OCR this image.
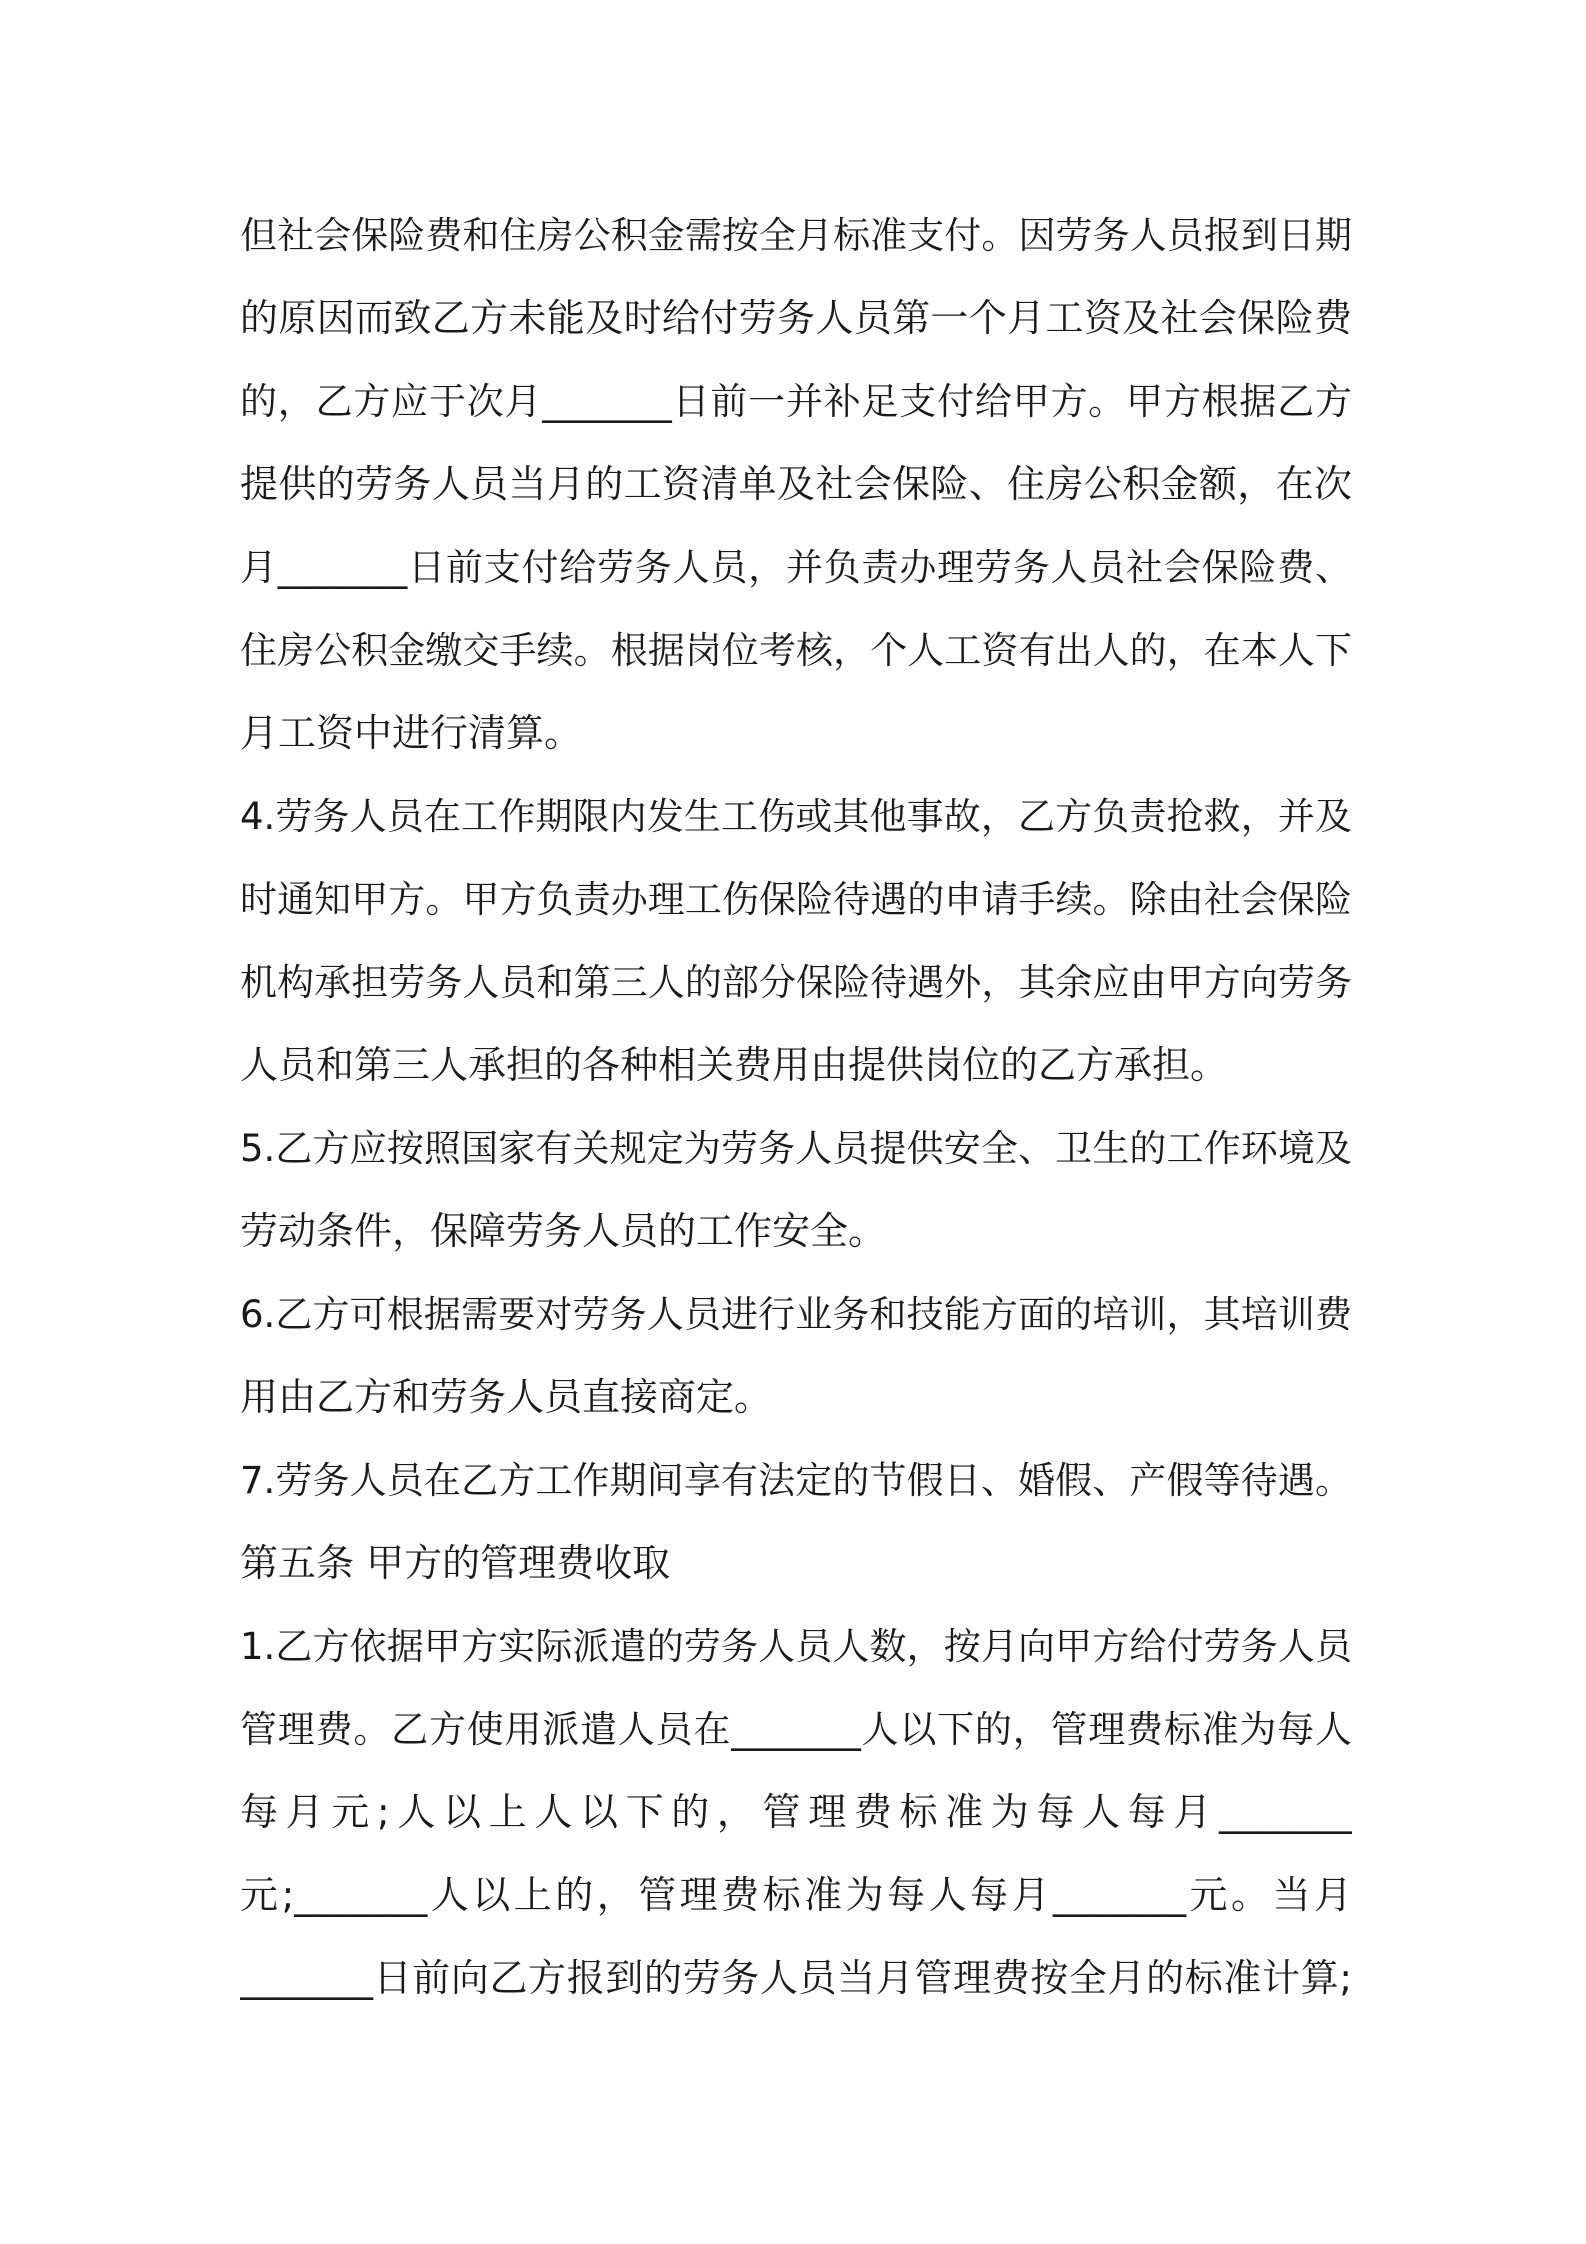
但社会保险费和住房公积金需按全月标准支付。因劳务人员报到日期
的原因而致乙方未能及时给付劳务人员第一个月工资及社会保险费
的，乙方应于次月_______日前一并补足支付给甲方。甲方根据乙方
提供的劳务人员当月的工资清单及社会保险、住房公积金额，在次
月_______日前支付给劳务人员，并负责办理劳务人员社会保险费、
住房公积金缴交手续。根据岗位考核，个人工资有出人的，在本人下
月工资中进行清算。
4.劳务人员在工作期限内发生工伤或其他事故，乙方负责抢救，并及
时通知甲方。甲方负责办理工伤保险待遇的申请手续。除由社会保险
机构承担劳务人员和第三人的部分保险待遇外，其余应由甲方向劳务
人员和第三人承担的各种相关费用由提供岗位的乙方承担。
5.乙方应按照国家有关规定为劳务人员提供安全、卫生的工作环境及
劳动条件，保障劳务人员的工作安全。
6.乙方可根据需要对劳务人员进行业务和技能方面的培训，其培训费
用由乙方和劳务人员直接商定。
7.劳务人员在乙方工作期间享有法定的节假日、婚假、产假等待遇。
第五条 甲方的管理费收取
1.乙方依据甲方实际派遣的劳务人员人数，按月向甲方给付劳务人员
管理费。乙方使用派遣人员在_______人以下的，管理费标准为每人
每月元;人以上人以下的，管理费标准为每人每月_______
元;_______人以上的，管理费标准为每人每月_______元。当月
_______日前向乙方报到的劳务人员当月管理费按全月的标准计算;
